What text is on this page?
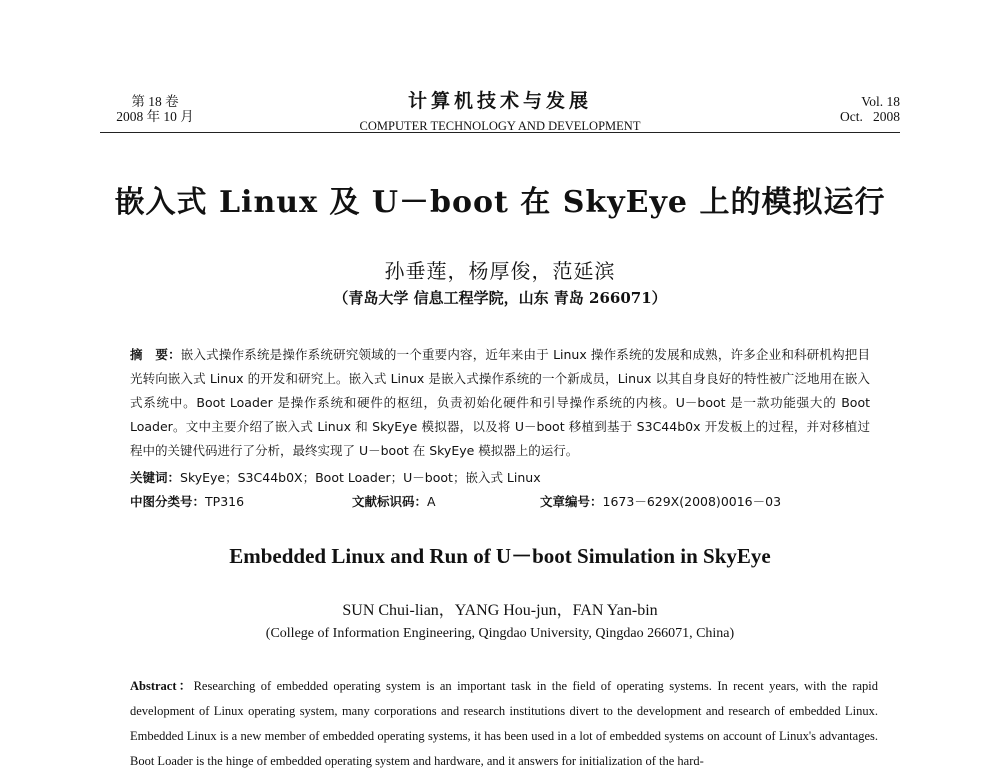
第 18 卷
2008 年 10 月
计算机技术与发展
COMPUTER TECHNOLOGY AND DEVELOPMENT
Vol. 18
Oct.   2008
嵌入式 Linux 及 U－boot 在 SkyEye 上的模拟运行
孙垂莲，杨厚俊，范延滨
（青岛大学 信息工程学院，山东 青岛 266071）
摘　要：嵌入式操作系统是操作系统研究领域的一个重要内容，近年来由于 Linux 操作系统的发展和成熟，许多企业和科研机构把目光转向嵌入式 Linux 的开发和研究上。嵌入式 Linux 是嵌入式操作系统的一个新成员，Linux 以其自身良好的特性被广泛地用在嵌入式系统中。Boot Loader 是操作系统和硬件的枢纽，负责初始化硬件和引导操作系统的内核。U－boot 是一款功能强大的 Boot Loader。文中主要介绍了嵌入式 Linux 和 SkyEye 模拟器，以及将 U－boot 移植到基于 S3C44b0x 开发板上的过程，并对移植过程中的关键代码进行了分析，最终实现了 U－boot 在 SkyEye 模拟器上的运行。
关键词：SkyEye；S3C44b0X；Boot Loader；U－boot；嵌入式 Linux
中图分类号：TP316	文献标识码：A	文章编号：1673－629X(2008)0016－03
Embedded Linux and Run of U－boot Simulation in SkyEye
SUN Chui-lian，YANG Hou-jun，FAN Yan-bin
(College of Information Engineering, Qingdao University, Qingdao 266071, China)
Abstract：Researching of embedded operating system is an important task in the field of operating systems. In recent years, with the rapid development of Linux operating system, many corporations and research institutions divert to the development and research of embedded Linux. Embedded Linux is a new member of embedded operating systems, it has been used in a lot of embedded systems on account of Linux's advantages. Boot Loader is the hinge of embedded operating system and hardware, and it answers for initialization of the hard-
